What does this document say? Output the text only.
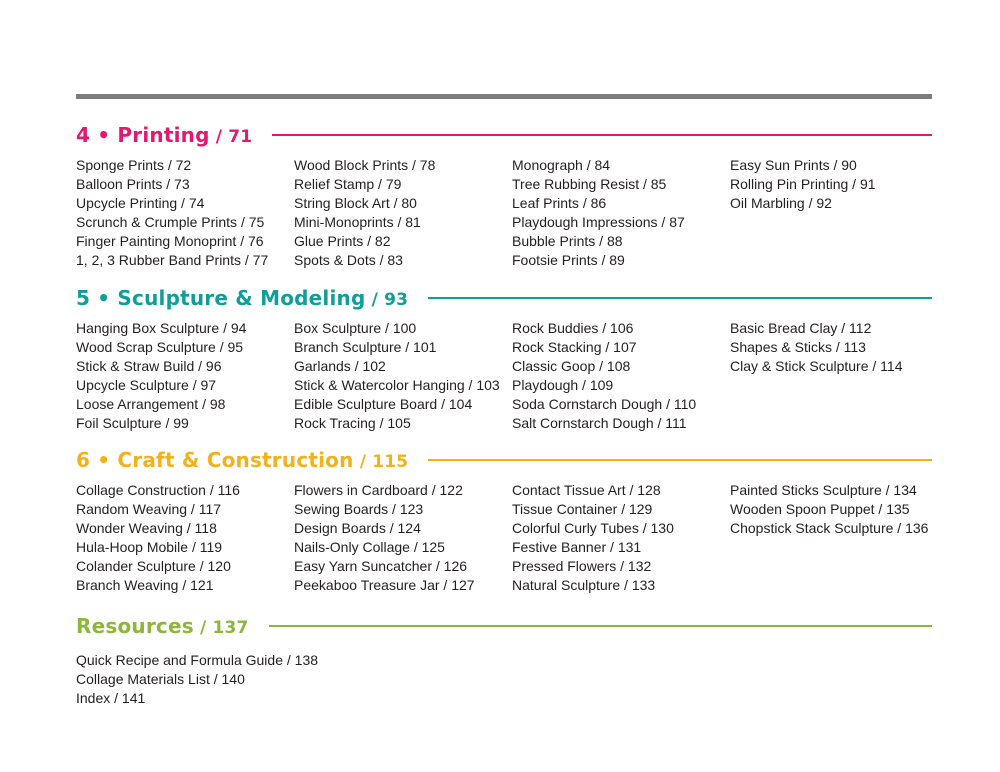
4 • Printing / 71
Sponge Prints / 72
Balloon Prints / 73
Upcycle Printing / 74
Scrunch & Crumple Prints / 75
Finger Painting Monoprint / 76
1, 2, 3 Rubber Band Prints / 77
Wood Block Prints / 78
Relief Stamp / 79
String Block Art / 80
Mini-Monoprints / 81
Glue Prints / 82
Spots & Dots / 83
Monograph / 84
Tree Rubbing Resist / 85
Leaf Prints / 86
Playdough Impressions / 87
Bubble Prints / 88
Footsie Prints / 89
Easy Sun Prints / 90
Rolling Pin Printing / 91
Oil Marbling / 92
5 • Sculpture & Modeling / 93
Hanging Box Sculpture / 94
Wood Scrap Sculpture / 95
Stick & Straw Build / 96
Upcycle Sculpture / 97
Loose Arrangement / 98
Foil Sculpture / 99
Box Sculpture / 100
Branch Sculpture / 101
Garlands / 102
Stick & Watercolor Hanging / 103
Edible Sculpture Board / 104
Rock Tracing / 105
Rock Buddies / 106
Rock Stacking / 107
Classic Goop / 108
Playdough / 109
Soda Cornstarch Dough / 110
Salt Cornstarch Dough / 111
Basic Bread Clay / 112
Shapes & Sticks / 113
Clay & Stick Sculpture / 114
6 • Craft & Construction / 115
Collage Construction / 116
Random Weaving / 117
Wonder Weaving / 118
Hula-Hoop Mobile / 119
Colander Sculpture / 120
Branch Weaving / 121
Flowers in Cardboard / 122
Sewing Boards / 123
Design Boards / 124
Nails-Only Collage / 125
Easy Yarn Suncatcher / 126
Peekaboo Treasure Jar / 127
Contact Tissue Art / 128
Tissue Container / 129
Colorful Curly Tubes / 130
Festive Banner / 131
Pressed Flowers / 132
Natural Sculpture / 133
Painted Sticks Sculpture / 134
Wooden Spoon Puppet / 135
Chopstick Stack Sculpture / 136
Resources / 137
Quick Recipe and Formula Guide / 138
Collage Materials List / 140
Index / 141
